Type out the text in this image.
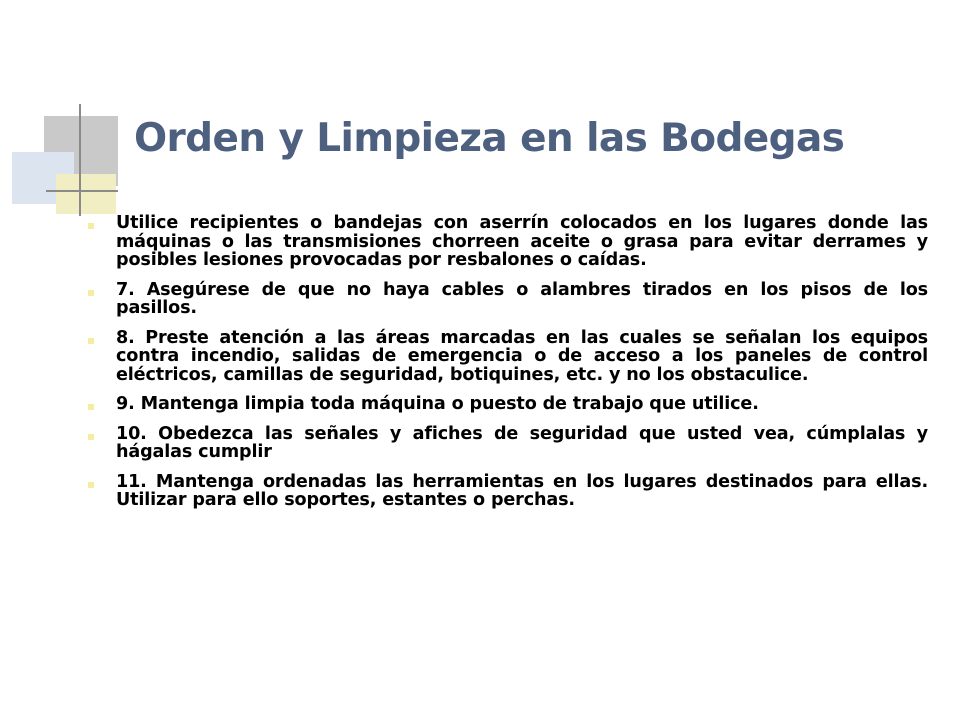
Orden y Limpieza en las Bodegas
Utilice recipientes o bandejas con aserrín colocados en los lugares donde las máquinas o las transmisiones chorreen aceite o grasa para evitar derrames y posibles lesiones provocadas por resbalones o caídas.
7. Asegúrese de que no haya cables o alambres tirados en los pisos de los pasillos.
8. Preste atención a las áreas marcadas en las cuales se señalan los equipos contra incendio, salidas de emergencia o de acceso a los paneles de control eléctricos, camillas de seguridad, botiquines, etc. y no los obstaculice.
9. Mantenga limpia toda máquina o puesto de trabajo que utilice.
10. Obedezca las señales y afiches de seguridad que usted vea, cúmplalas y hágalas cumplir
11. Mantenga ordenadas las herramientas en los lugares destinados para ellas. Utilizar para ello soportes, estantes o perchas.
